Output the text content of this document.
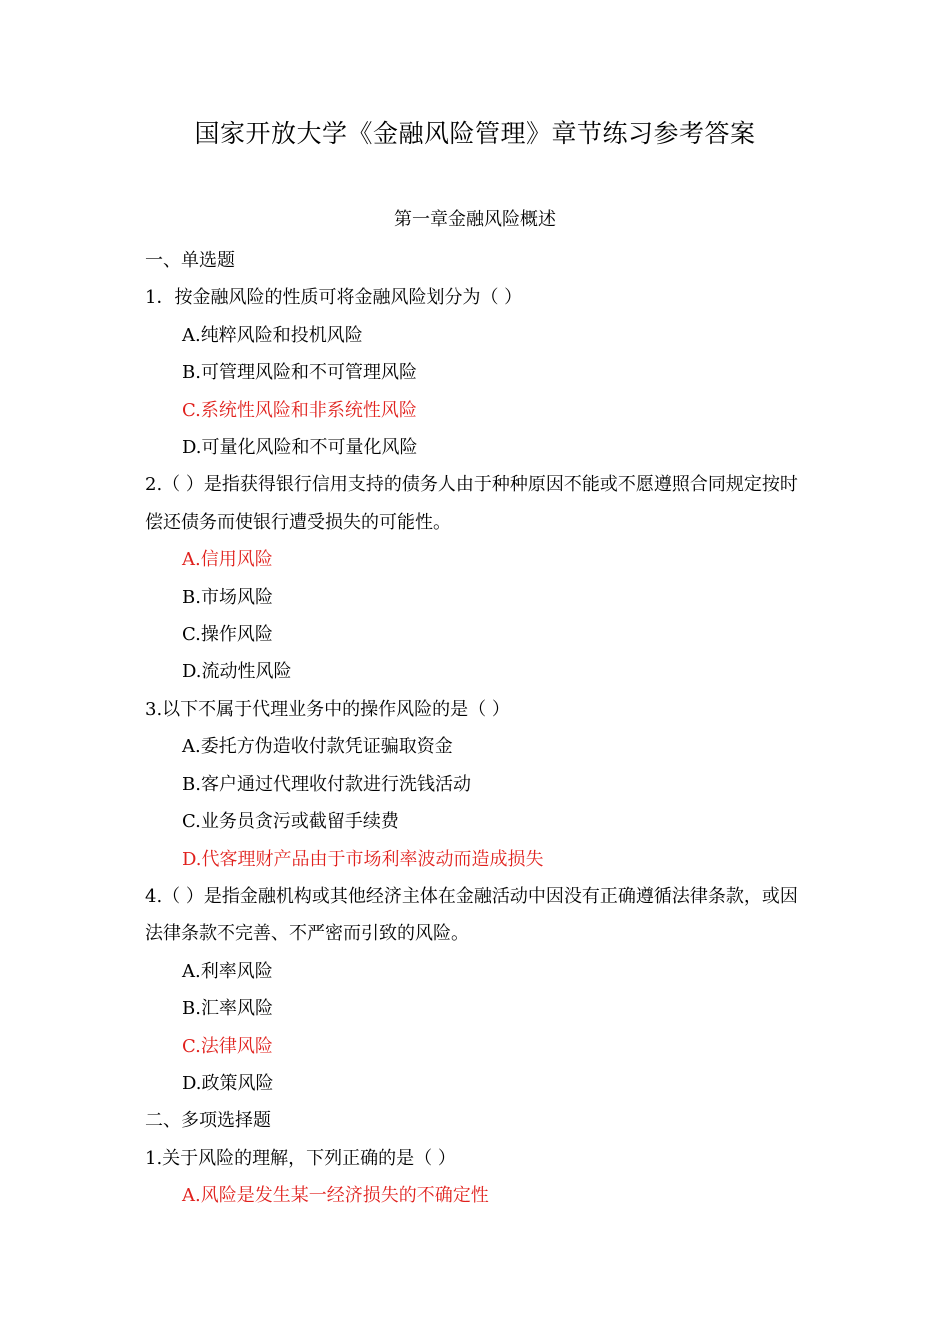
国家开放大学《金融风险管理》章节练习参考答案
第一章金融风险概述

一、单选题

1．按金融风险的性质可将金融风险划分为（ ）

A.纯粹风险和投机风险

B.可管理风险和不可管理风险

C.系统性风险和非系统性风险

D.可量化风险和不可量化风险

2.（ ）是指获得银行信用支持的债务人由于种种原因不能或不愿遵照合同规定按时偿还债务而使银行遭受损失的可能性。

A.信用风险

B.市场风险

C.操作风险

D.流动性风险

3.以下不属于代理业务中的操作风险的是（ ）

A.委托方伪造收付款凭证骗取资金

B.客户通过代理收付款进行洗钱活动

C.业务员贪污或截留手续费

D.代客理财产品由于市场利率波动而造成损失

4.（ ）是指金融机构或其他经济主体在金融活动中因没有正确遵循法律条款，或因法律条款不完善、不严密而引致的风险。

A.利率风险

B.汇率风险

C.法律风险

D.政策风险

二、多项选择题

1.关于风险的理解，下列正确的是（ ）

A.风险是发生某一经济损失的不确定性
